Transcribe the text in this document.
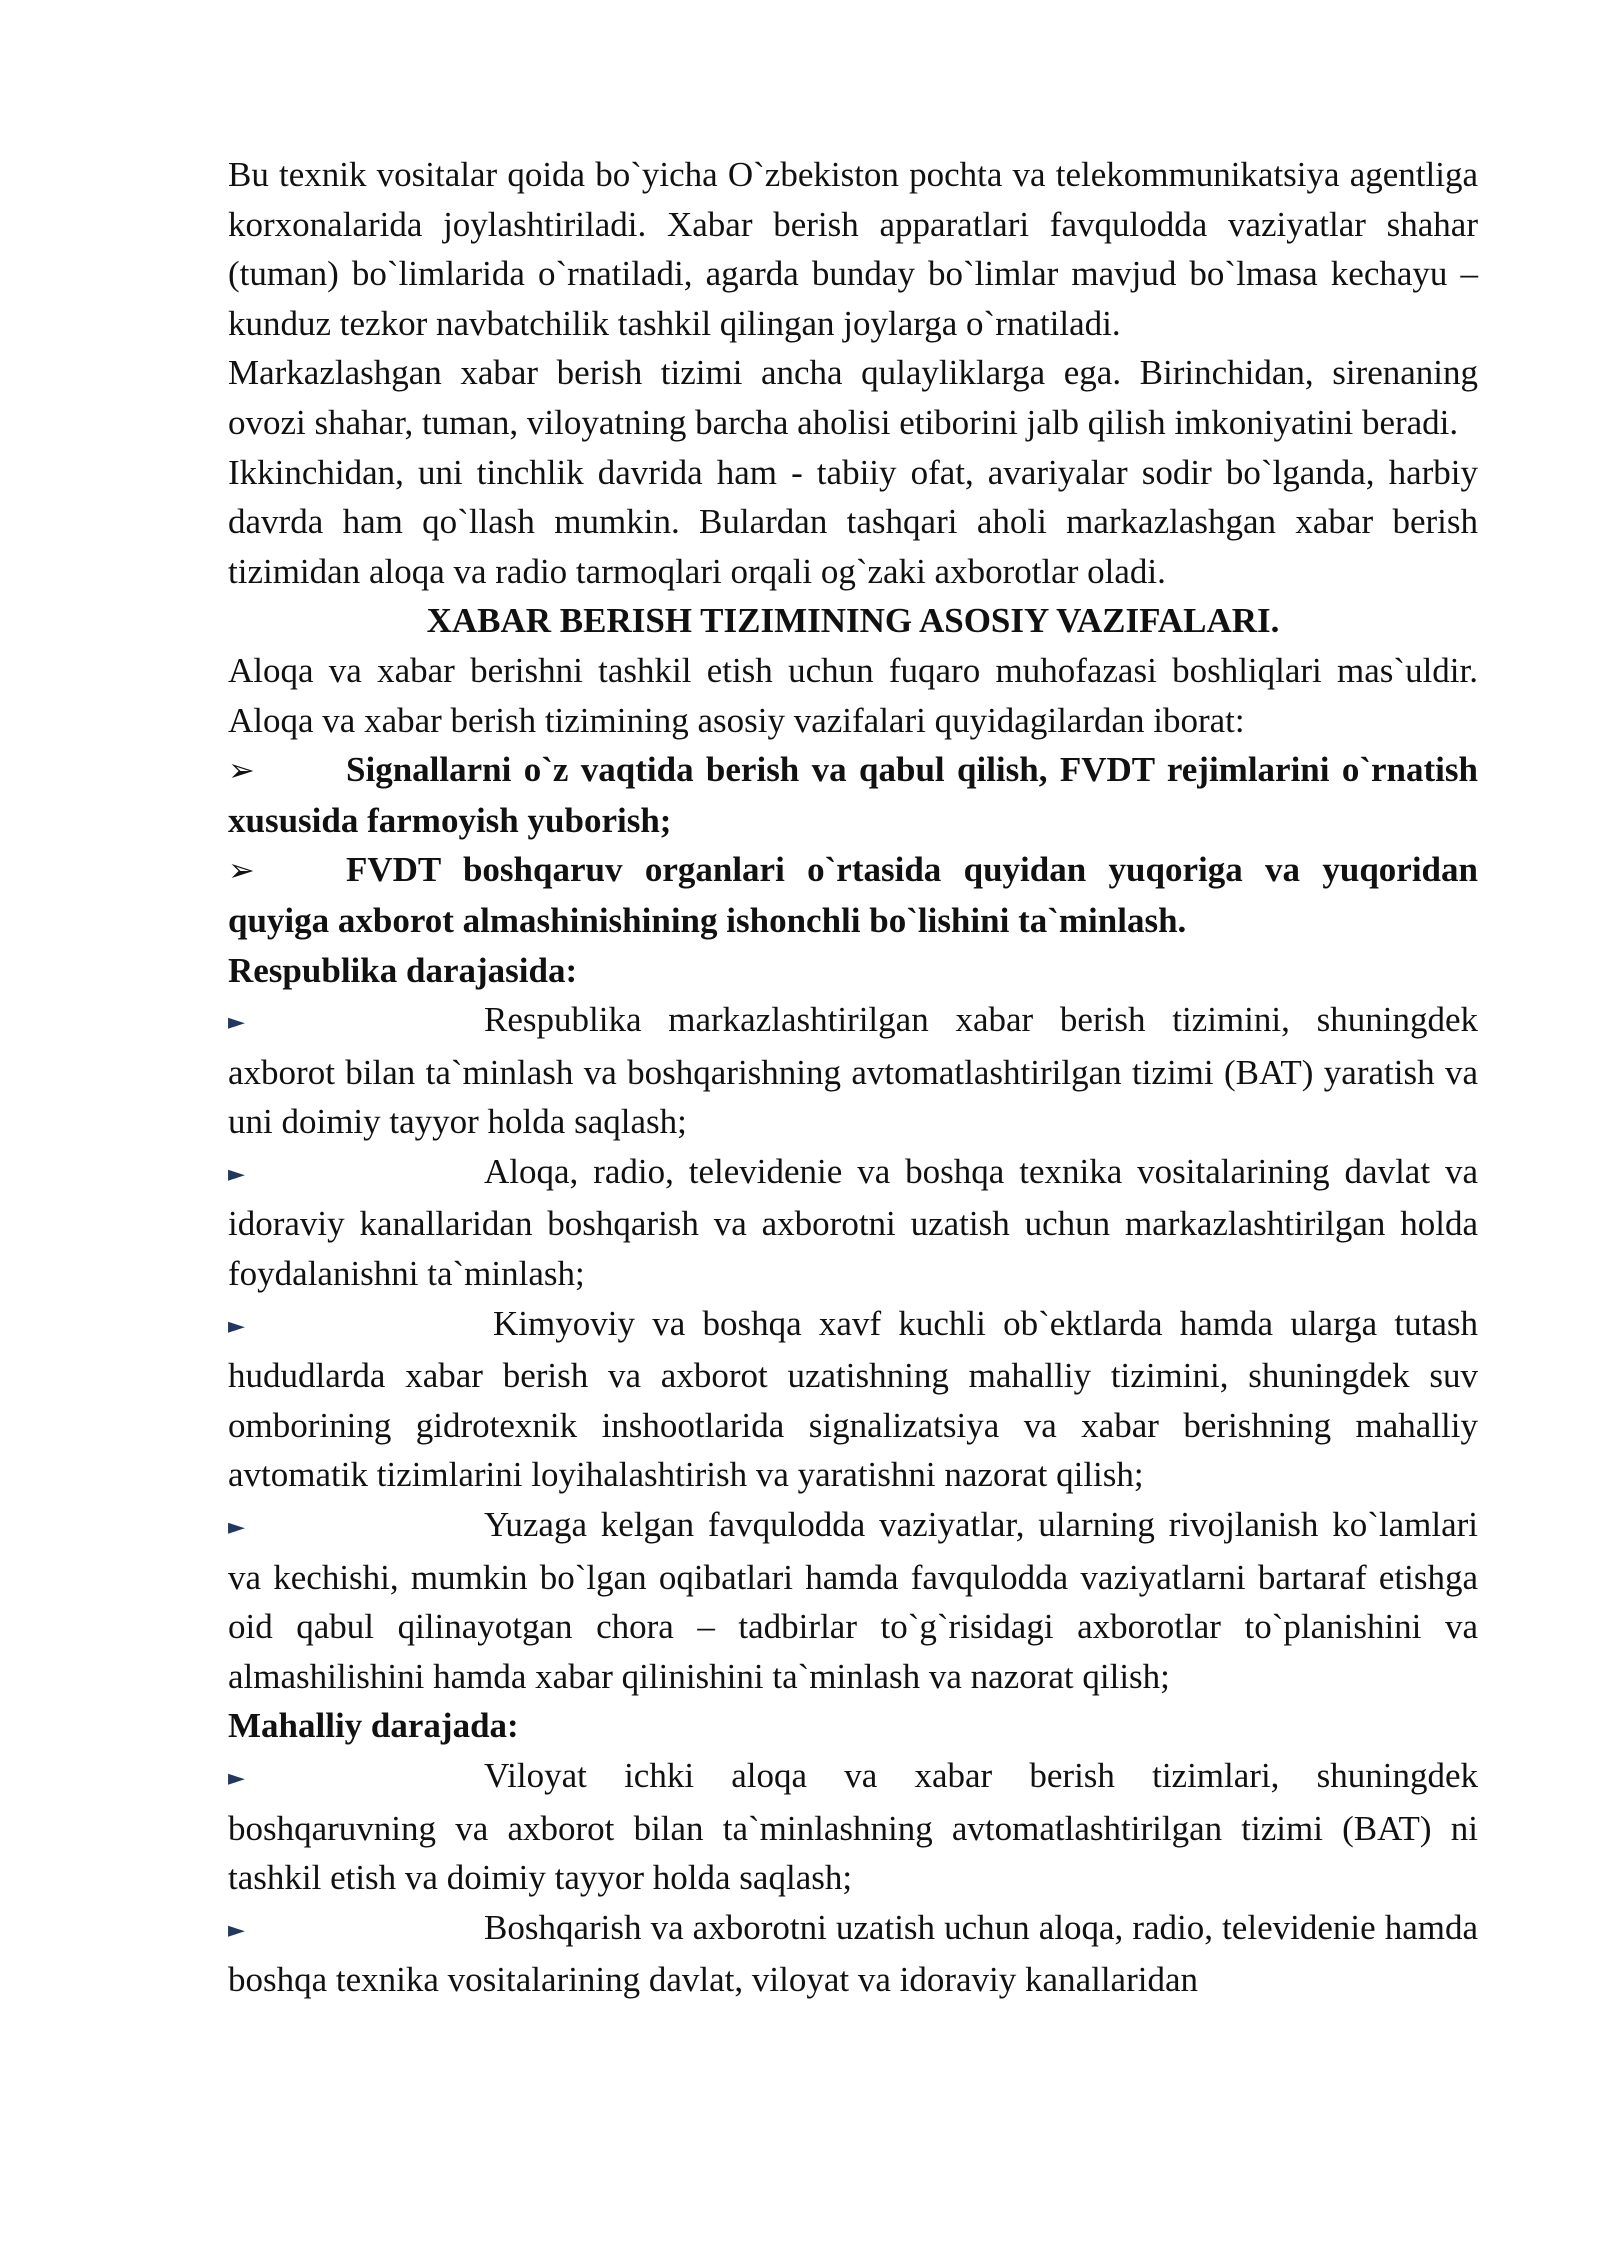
Bu texnik vositalar qoida bo`yicha O`zbekiston pochta va telekommunikatsiya agentliga korxonalarida joylashtiriladi. Xabar berish apparatlari favqulodda vaziyatlar shahar (tuman) bo`limlarida o`rnatiladi, agarda bunday bo`limlar mavjud bo`lmasa kechayu – kunduz tezkor navbatchilik tashkil qilingan joylarga o`rnatiladi.

Markazlashgan xabar berish tizimi ancha qulayliklarga ega. Birinchidan, sirenaning ovozi shahar, tuman, viloyatning barcha aholisi etiborini jalb qilish imkoniyatini beradi.

Ikkinchidan, uni tinchlik davrida ham - tabiiy ofat, avariyalar sodir bo`lganda, harbiy davrda ham qo`llash mumkin. Bulardan tashqari aholi markazlashgan xabar berish tizimidan aloqa va radio tarmoqlari orqali og`zaki axborotlar oladi.

XABAR BERISH TIZIMINING ASOSIY VAZIFALARI.

Aloqa va xabar berishni tashkil etish uchun fuqaro muhofazasi boshliqlari mas`uldir. Aloqa va xabar berish tizimining asosiy vazifalari quyidagilardan iborat:

➢	Signallarni o`z vaqtida berish va qabul qilish, FVDT rejimlarini o`rnatish xususida farmoyish yuborish;

➢	FVDT boshqaruv organlari o`rtasida quyidan yuqoriga va yuqoridan quyiga axborot almashinishining ishonchli bo`lishini ta`minlash.

Respublika darajasida:

►	Respublika markazlashtirilgan xabar berish tizimini, shuningdek axborot bilan ta`minlash va boshqarishning avtomatlashtirilgan tizimi (BAT) yaratish va uni doimiy tayyor holda saqlash;

►	Aloqa, radio, televidenie va boshqa texnika vositalarining davlat va idoraviy kanallaridan boshqarish va axborotni uzatish uchun markazlashtirilgan holda foydalanishni ta`minlash;

►	Kimyoviy va boshqa xavf kuchli ob`ektlarda hamda ularga tutash hududlarda xabar berish va axborot uzatishning mahalliy tizimini, shuningdek suv omborining gidrotexnik inshootlarida signalizatsiya va xabar berishning mahalliy avtomatik tizimlarini loyihalashtirish va yaratishni nazorat qilish;

►	Yuzaga kelgan favqulodda vaziyatlar, ularning rivojlanish ko`lamlari va kechishi, mumkin bo`lgan oqibatlari hamda favqulodda vaziyatlarni bartaraf etishga oid qabul qilinayotgan chora – tadbirlar to`g`risidagi axborotlar to`planishini va almashilishini hamda xabar qilinishini ta`minlash va nazorat qilish;

Mahalliy darajada:

►	Viloyat ichki aloqa va xabar berish tizimlari, shuningdek boshqaruvning va axborot bilan ta`minlashning avtomatlashtirilgan tizimi (BAT) ni tashkil etish va doimiy tayyor holda saqlash;

►	Boshqarish va axborotni uzatish uchun aloqa, radio, televidenie hamda boshqa texnika vositalarining davlat, viloyat va idoraviy kanallaridan
